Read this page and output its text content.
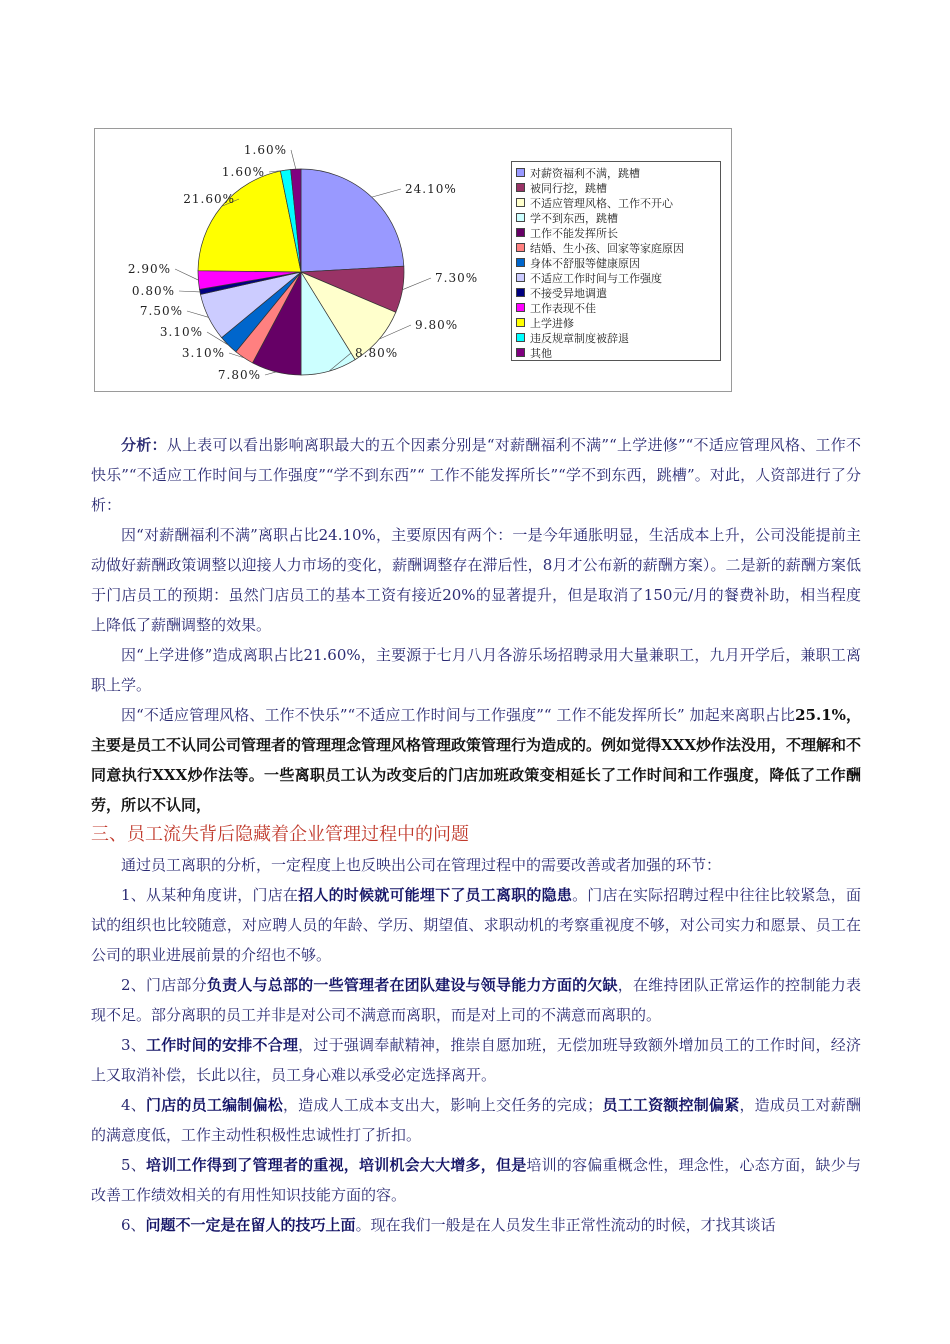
24.10%
7.30%
9.80%
8.80%
7.80%
3.10%
3.10%
7.50%
0.80%
2.90%
21.60%
1.60%
1.60%
对薪资福利不满，跳槽
被同行挖，跳槽
不适应管理风格、工作不开心
学不到东西，跳槽
工作不能发挥所长
结婚、生小孩、回家等家庭原因
身体不舒服等健康原因
不适应工作时间与工作强度
不接受异地调遣
工作表现不佳
上学进修
违反规章制度被辞退
其他

分析：从上表可以看出影响离职最大的五个因素分别是“对薪酬福利不满”“上学进修”“不适应管理风格、工作不快乐”“不适应工作时间与工作强度”“学不到东西”“ 工作不能发挥所长”“学不到东西，跳槽”。对此，人资部进行了分析：

因“对薪酬福利不满”离职占比24.10%，主要原因有两个：一是今年通胀明显，生活成本上升，公司没能提前主动做好薪酬政策调整以迎接人力市场的变化，薪酬调整存在滞后性，8月才公布新的薪酬方案）。二是新的薪酬方案低于门店员工的预期：虽然门店员工的基本工资有接近20%的显著提升，但是取消了150元/月的餐费补助，相当程度上降低了薪酬调整的效果。

因“上学进修”造成离职占比21.60%，主要源于七月八月各游乐场招聘录用大量兼职工，九月开学后，兼职工离职上学。

因“不适应管理风格、工作不快乐”“不适应工作时间与工作强度”“ 工作不能发挥所长” 加起来离职占比25.1%，主要是员工不认同公司管理者的管理理念管理风格管理政策管理行为造成的。例如觉得XXX炒作法没用，不理解和不同意执行XXX炒作法等。一些离职员工认为改变后的门店加班政策变相延长了工作时间和工作强度，降低了工作酬劳，所以不认同，

三、员工流失背后隐藏着企业管理过程中的问题

通过员工离职的分析，一定程度上也反映出公司在管理过程中的需要改善或者加强的环节：

1、从某种角度讲，门店在招人的时候就可能埋下了员工离职的隐患。门店在实际招聘过程中往往比较紧急，面试的组织也比较随意，对应聘人员的年龄、学历、期望值、求职动机的考察重视度不够，对公司实力和愿景、员工在公司的职业进展前景的介绍也不够。

2、门店部分负责人与总部的一些管理者在团队建设与领导能力方面的欠缺，在维持团队正常运作的控制能力表现不足。部分离职的员工并非是对公司不满意而离职，而是对上司的不满意而离职的。

3、工作时间的安排不合理，过于强调奉献精神，推崇自愿加班，无偿加班导致额外增加员工的工作时间，经济上又取消补偿，长此以往，员工身心难以承受必定选择离开。

4、门店的员工编制偏松，造成人工成本支出大，影响上交任务的完成；员工工资额控制偏紧，造成员工对薪酬的满意度低，工作主动性积极性忠诚性打了折扣。

5、培训工作得到了管理者的重视，培训机会大大增多，但是培训的容偏重概念性，理念性，心态方面，缺少与改善工作绩效相关的有用性知识技能方面的容。

6、问题不一定是在留人的技巧上面。现在我们一般是在人员发生非正常性流动的时候，才找其谈话
